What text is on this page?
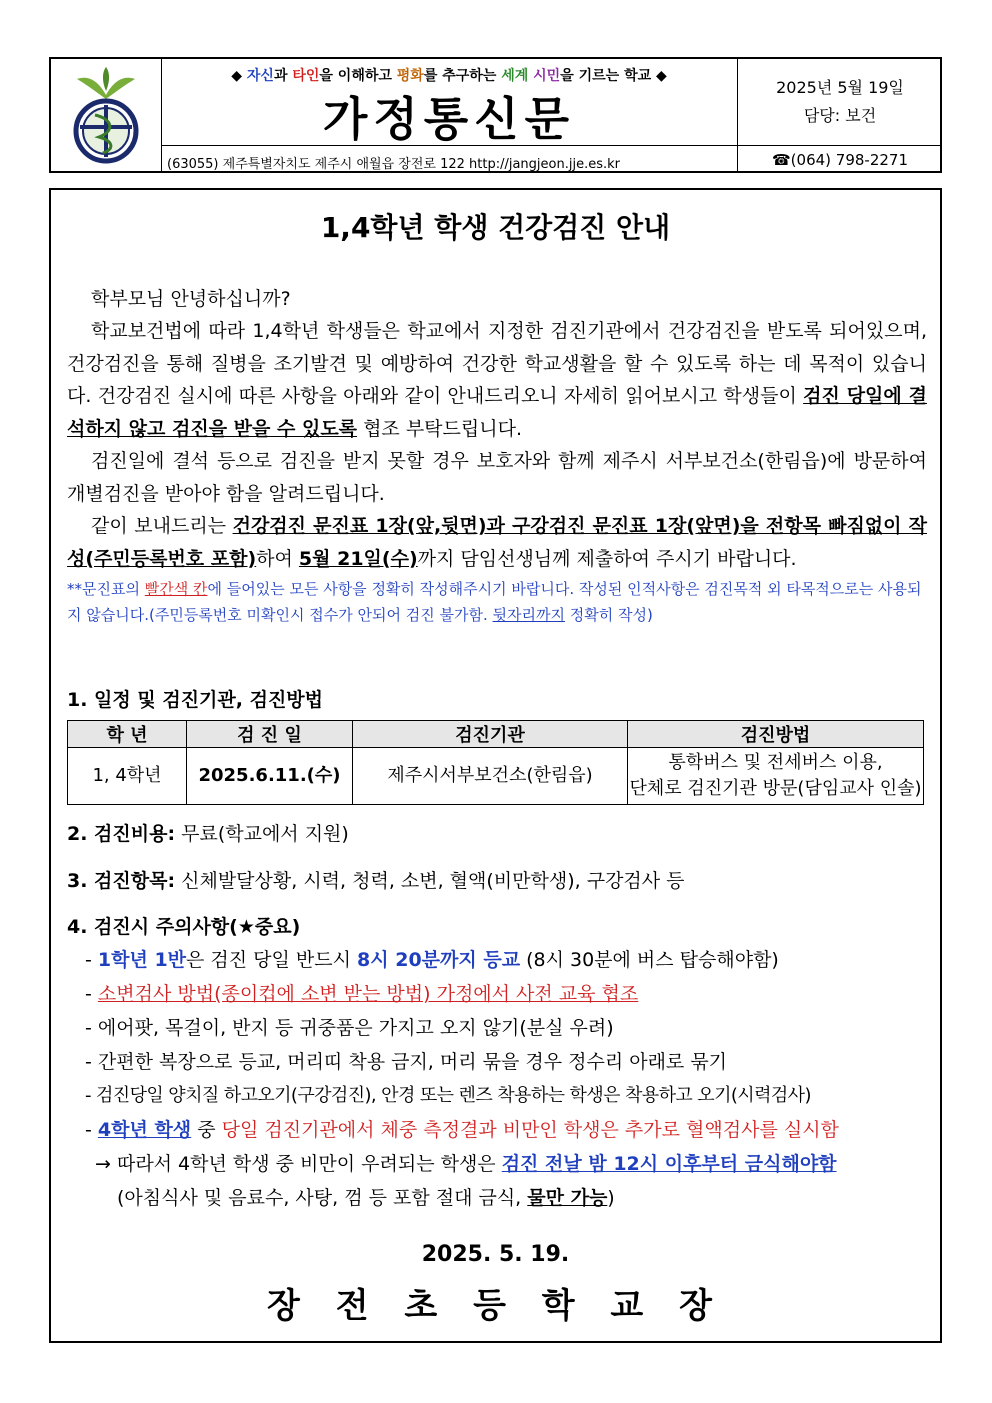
◆ 자신과 타인을 이해하고 평화를 추구하는 세계 시민을 기르는 학교 ◆
가정통신문
(63055) 제주특별자치도 제주시 애월읍 장전로 122 http://jangjeon.jje.es.kr
2025년 5월 19일
담당: 보건
☎(064) 798-2271
1,4학년 학생 건강검진 안내
학부모님 안녕하십니까?
학교보건법에 따라 1,4학년 학생들은 학교에서 지정한 검진기관에서 건강검진을 받도록 되어있으며, 건강검진을 통해 질병을 조기발견 및 예방하여 건강한 학교생활을 할 수 있도록 하는 데 목적이 있습니다. 건강검진 실시에 따른 사항을 아래와 같이 안내드리오니 자세히 읽어보시고 학생들이 검진 당일에 결석하지 않고 검진을 받을 수 있도록 협조 부탁드립니다.
검진일에 결석 등으로 검진을 받지 못할 경우 보호자와 함께 제주시 서부보건소(한림읍)에 방문하여 개별검진을 받아야 함을 알려드립니다.
같이 보내드리는 건강검진 문진표 1장(앞,뒷면)과 구강검진 문진표 1장(앞면)을 전항목 빠짐없이 작성(주민등록번호 포함)하여 5월 21일(수)까지 담임선생님께 제출하여 주시기 바랍니다.
**문진표의 빨간색 칸에 들어있는 모든 사항을 정확히 작성해주시기 바랍니다. 작성된 인적사항은 검진목적 외 타목적으로는 사용되지 않습니다.(주민등록번호 미확인시 접수가 안되어 검진 불가함. 뒷자리까지 정확히 작성)
1. 일정 및 검진기관, 검진방법
학 년	검 진 일	검진기관	검진방법
1, 4학년	2025.6.11.(수)	제주시서부보건소(한림읍)	통학버스 및 전세버스 이용,
단체로 검진기관 방문(담임교사 인솔)
2. 검진비용: 무료(학교에서 지원)
3. 검진항목: 신체발달상황, 시력, 청력, 소변, 혈액(비만학생), 구강검사 등
4. 검진시 주의사항(★중요)
- 1학년 1반은 검진 당일 반드시 8시 20분까지 등교 (8시 30분에 버스 탑승해야함)
- 소변검사 방법(종이컵에 소변 받는 방법) 가정에서 사전 교육 협조
- 에어팟, 목걸이, 반지 등 귀중품은 가지고 오지 않기(분실 우려)
- 간편한 복장으로 등교, 머리띠 착용 금지, 머리 묶을 경우 정수리 아래로 묶기
- 검진당일 양치질 하고오기(구강검진), 안경 또는 렌즈 착용하는 학생은 착용하고 오기(시력검사)
- 4학년 학생 중 당일 검진기관에서 체중 측정결과 비만인 학생은 추가로 혈액검사를 실시함
→ 따라서 4학년 학생 중 비만이 우려되는 학생은 검진 전날 밤 12시 이후부터 금식해야함
(아침식사 및 음료수, 사탕, 껌 등 포함 절대 금식, 물만 가능)
2025. 5. 19.
장 전 초 등 학 교 장
